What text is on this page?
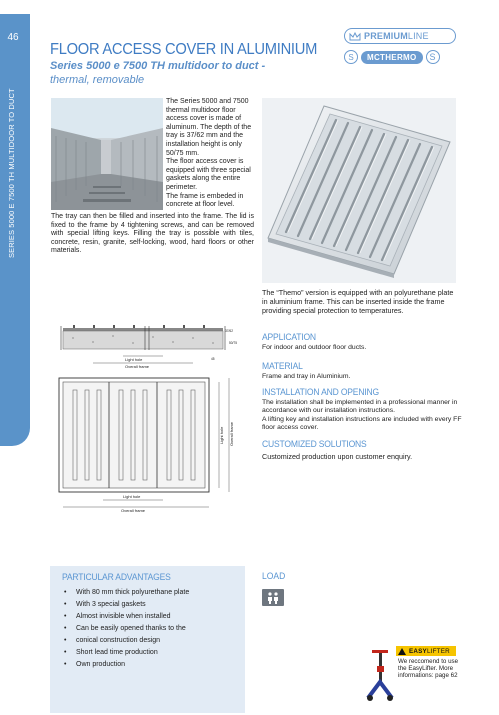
46
SERIES 5000 E 7500 TH MULTIDOOR TO DUCT
FLOOR ACCESS COVER IN ALUMINIUM
Series 5000 e 7500 TH multidoor to duct -
thermal, removable
PREMIUMLINE
S	MCTHERMO	S

The Series 5000 and 7500 thermal multidoor floor access cover is made of aluminum. The depth of the tray is 37/62 mm and the installation height is only 50/75 mm.

The floor access cover is equipped with three special gaskets along the entire perimeter.

The frame is embeded in concrete at floor level.

The tray can then be filled and inserted into the frame. The lid is fixed to the frame by 4 tightening screws, and can be removed with special lifting keys. Filling the tray is possible with tiles, concrete, resin, granite, self-locking, wood, hard floors or other materials.
The “Themo” version is equipped with an polyurethane plate in aluminium frame. This can be inserted inside the frame providing special protection to temperatures.
APPLICATION
For indoor and outdoor floor ducts.
MATERIAL
Frame and tray in Aluminium.
INSTALLATION AND OPENING
The installation shall be implemented in a professional manner in accordance with our installation instructions.
A lifting key and installation instructions are included with every FF floor access cover.
CUSTOMIZED SOLUTIONS
Customized production upon customer enquiry.
Light hole
Overall frame
37/62
50/75
45
Light hole
Overall frame
Light hole Overall frame
PARTICULAR ADVANTAGES
• With 80 mm thick polyurethane plate
• With 3 special gaskets
• Almost invisible when installed
• Can be easily opened thanks to the
• conical construction design
• Short lead time production
• Own production
LOAD
EASYLIFTER
We reccomend to use the EasyLifter. More informations: page 62
